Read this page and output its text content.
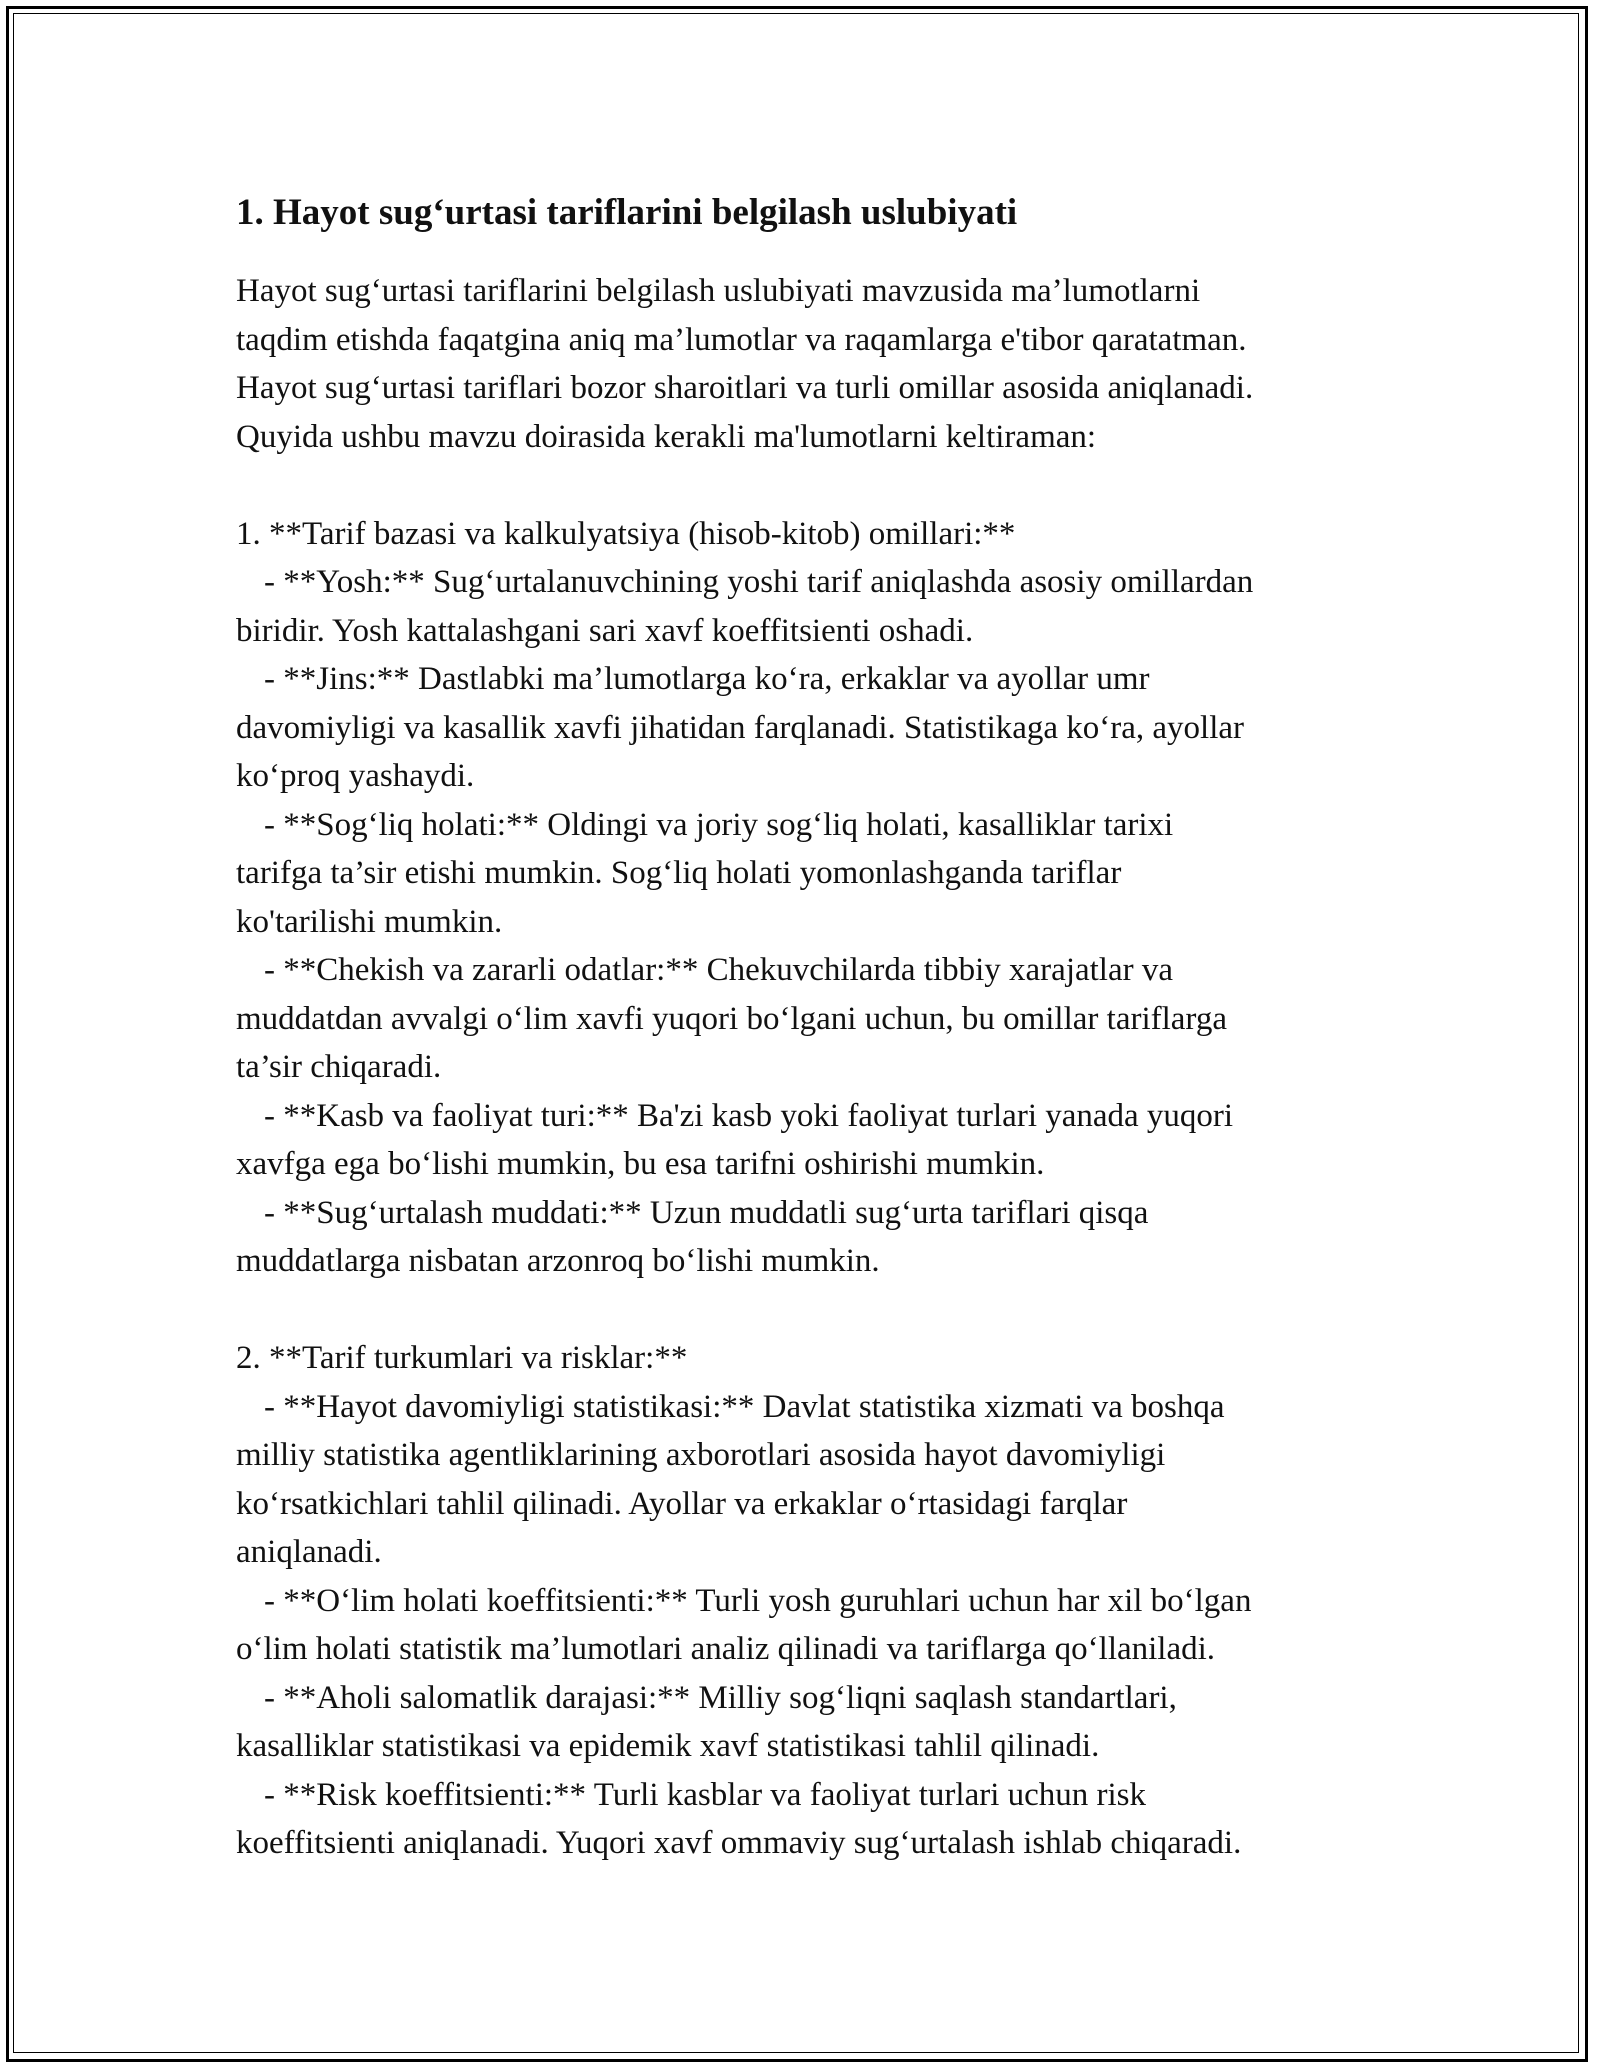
1. Hayot sug‘urtasi tariflarini belgilash uslubiyati
Hayot sug‘urtasi tariflarini belgilash uslubiyati mavzusida ma’lumotlarni
taqdim etishda faqatgina aniq ma’lumotlar va raqamlarga e'tibor qaratatman.
Hayot sug‘urtasi tariflari bozor sharoitlari va turli omillar asosida aniqlanadi.
Quyida ushbu mavzu doirasida kerakli ma'lumotlarni keltiraman:
1. **Tarif bazasi va kalkulyatsiya (hisob-kitob) omillari:**
- **Yosh:** Sug‘urtalanuvchining yoshi tarif aniqlashda asosiy omillardan
biridir. Yosh kattalashgani sari xavf koeffitsienti oshadi.
- **Jins:** Dastlabki ma’lumotlarga ko‘ra, erkaklar va ayollar umr
davomiyligi va kasallik xavfi jihatidan farqlanadi. Statistikaga ko‘ra, ayollar
ko‘proq yashaydi.
- **Sog‘liq holati:** Oldingi va joriy sog‘liq holati, kasalliklar tarixi
tarifga ta’sir etishi mumkin. Sog‘liq holati yomonlashganda tariflar
ko'tarilishi mumkin.
- **Chekish va zararli odatlar:** Chekuvchilarda tibbiy xarajatlar va
muddatdan avvalgi o‘lim xavfi yuqori bo‘lgani uchun, bu omillar tariflarga
ta’sir chiqaradi.
- **Kasb va faoliyat turi:** Ba'zi kasb yoki faoliyat turlari yanada yuqori
xavfga ega bo‘lishi mumkin, bu esa tarifni oshirishi mumkin.
- **Sug‘urtalash muddati:** Uzun muddatli sug‘urta tariflari qisqa
muddatlarga nisbatan arzonroq bo‘lishi mumkin.
2. **Tarif turkumlari va risklar:**
- **Hayot davomiyligi statistikasi:** Davlat statistika xizmati va boshqa
milliy statistika agentliklarining axborotlari asosida hayot davomiyligi
ko‘rsatkichlari tahlil qilinadi. Ayollar va erkaklar o‘rtasidagi farqlar
aniqlanadi.
- **O‘lim holati koeffitsienti:** Turli yosh guruhlari uchun har xil bo‘lgan
o‘lim holati statistik ma’lumotlari analiz qilinadi va tariflarga qo‘llaniladi.
- **Aholi salomatlik darajasi:** Milliy sog‘liqni saqlash standartlari,
kasalliklar statistikasi va epidemik xavf statistikasi tahlil qilinadi.
- **Risk koeffitsienti:** Turli kasblar va faoliyat turlari uchun risk
koeffitsienti aniqlanadi. Yuqori xavf ommaviy sug‘urtalash ishlab chiqaradi.
